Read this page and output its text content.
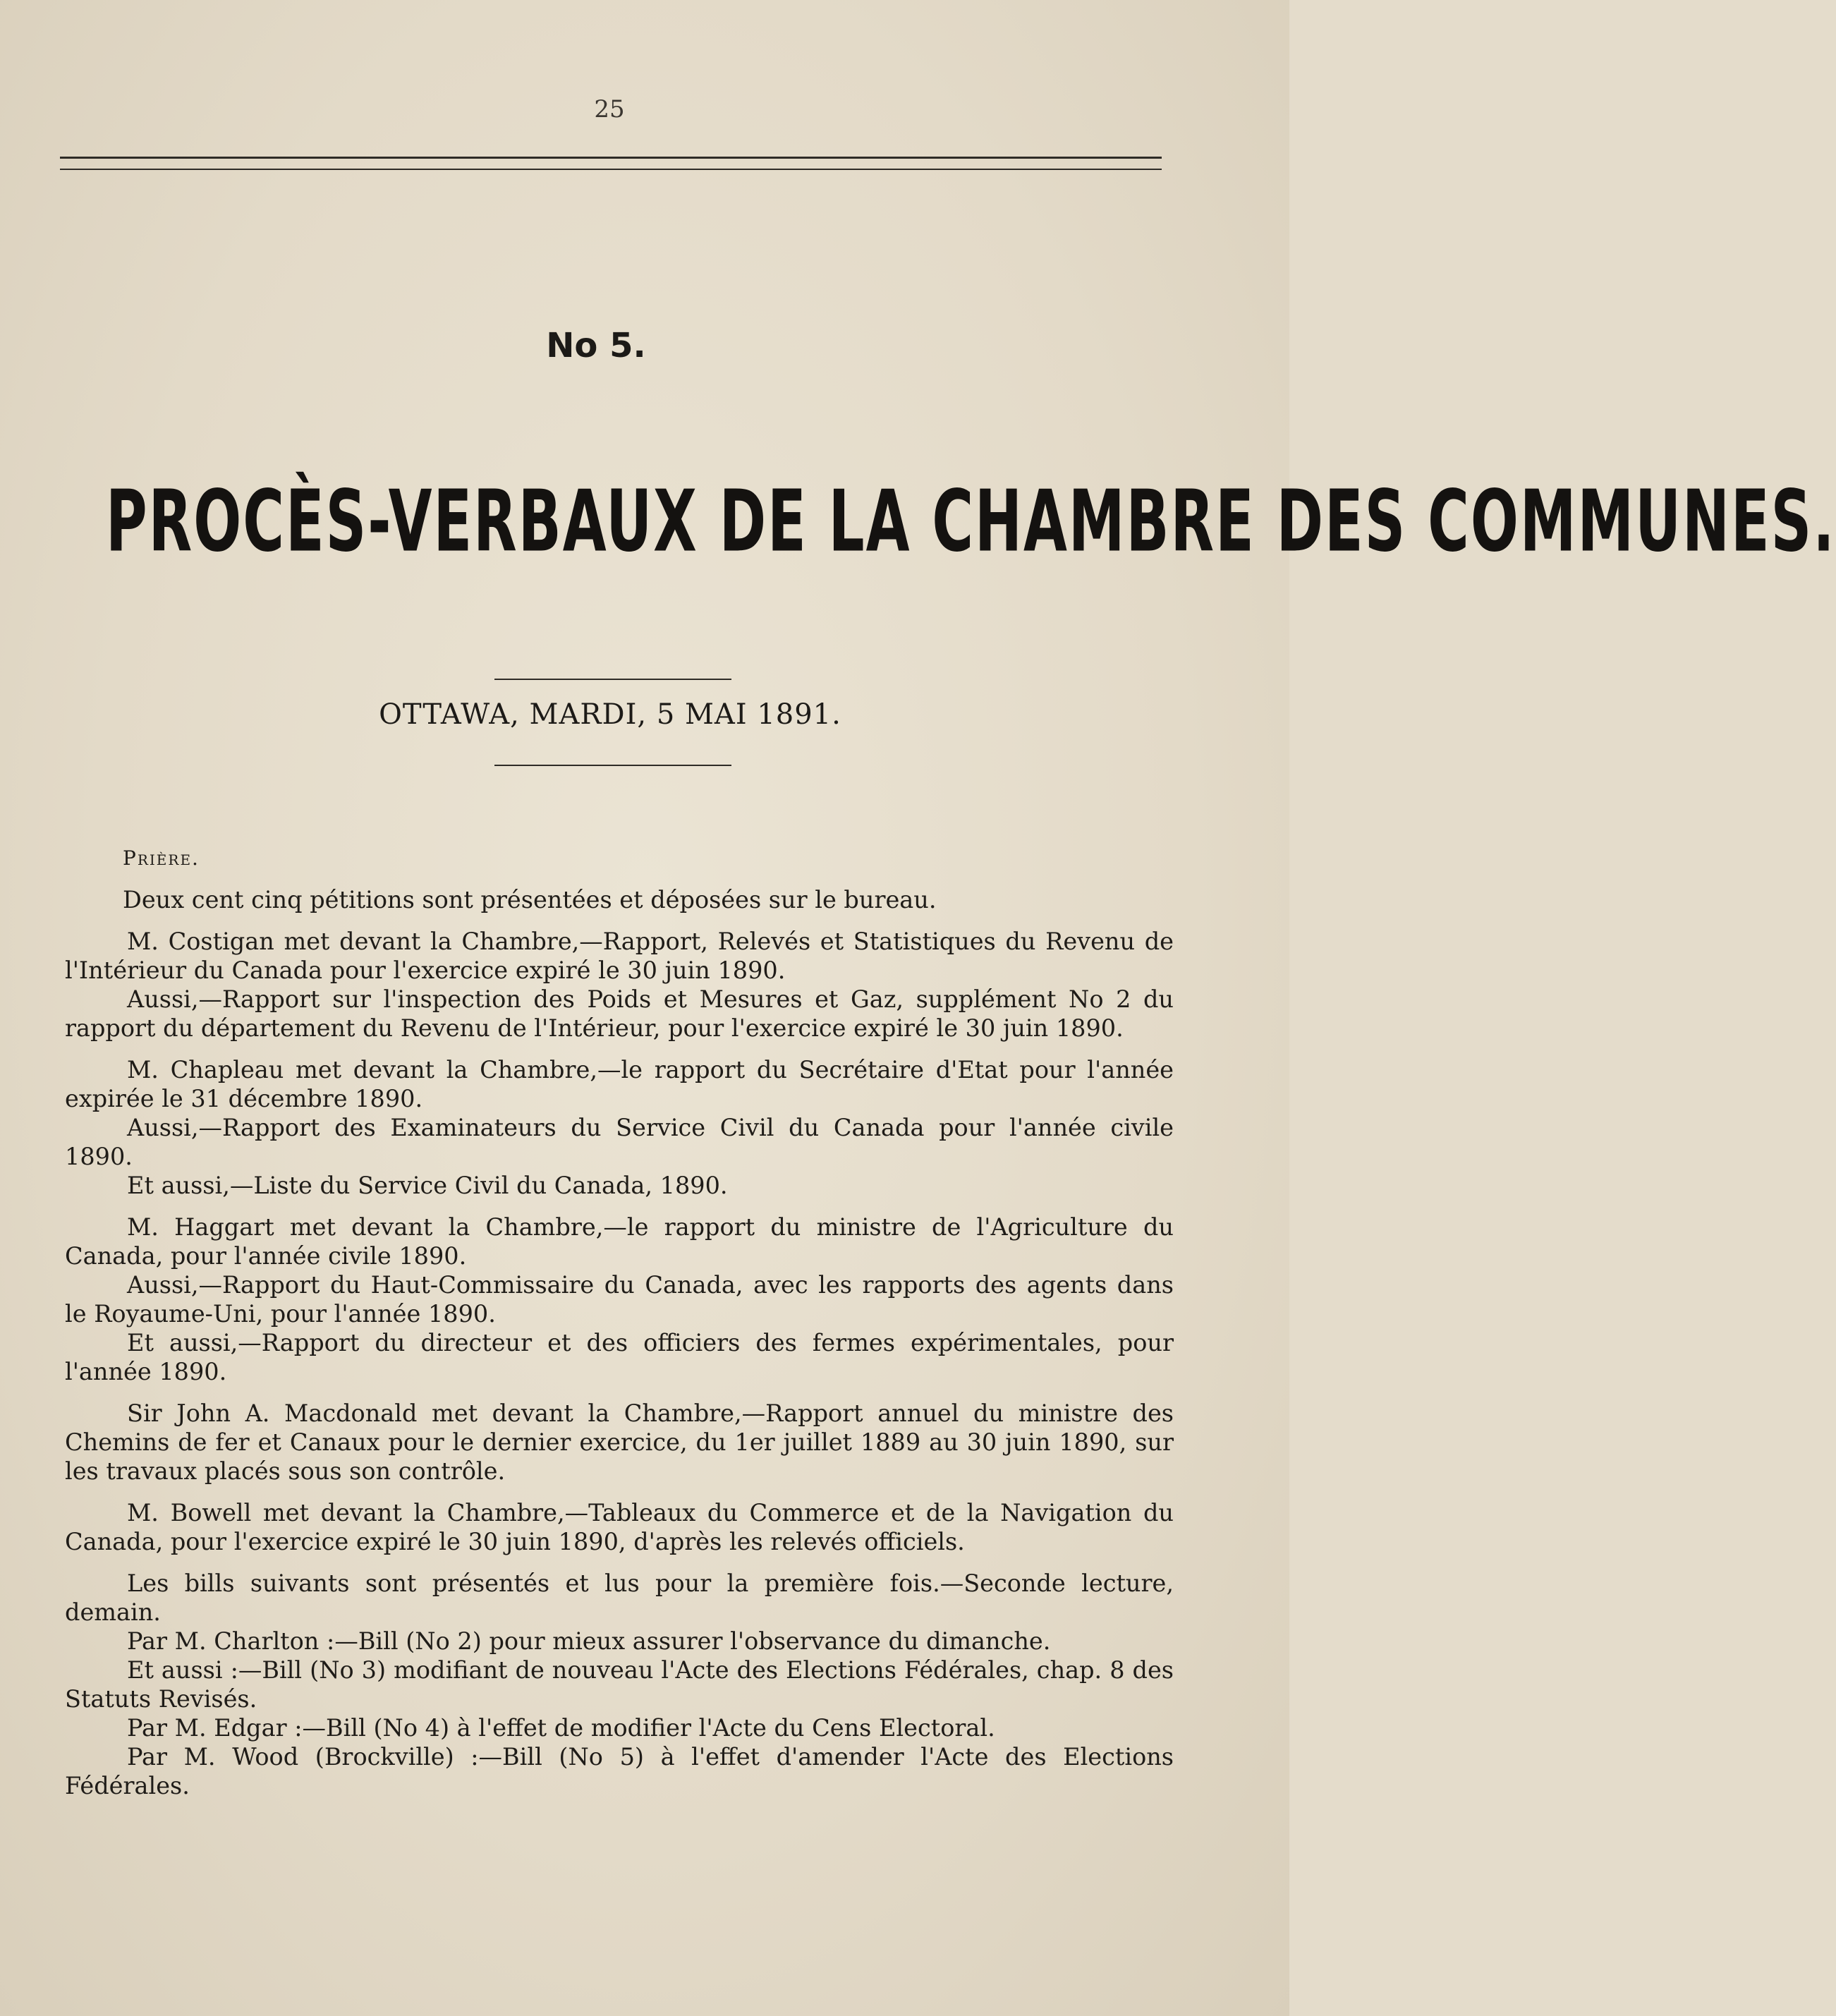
25
No 5.
PROCÈS-VERBAUX DE LA CHAMBRE DES COMMUNES.
OTTAWA, MARDI, 5 MAI 1891.

Prière.

Deux cent cinq pétitions sont présentées et déposées sur le bureau.

M. Costigan met devant la Chambre,—Rapport, Relevés et Statistiques du Revenu de l'Intérieur du Canada pour l'exercice expiré le 30 juin 1890.

Aussi,—Rapport sur l'inspection des Poids et Mesures et Gaz, supplément No 2 du rapport du département du Revenu de l'Intérieur, pour l'exercice expiré le 30 juin 1890.

M. Chapleau met devant la Chambre,—le rapport du Secrétaire d'Etat pour l'année expirée le 31 décembre 1890.

Aussi,—Rapport des Examinateurs du Service Civil du Canada pour l'année civile 1890.

Et aussi,—Liste du Service Civil du Canada, 1890.

M. Haggart met devant la Chambre,—le rapport du ministre de l'Agriculture du Canada, pour l'année civile 1890.

Aussi,—Rapport du Haut-Commissaire du Canada, avec les rapports des agents dans le Royaume-Uni, pour l'année 1890.

Et aussi,—Rapport du directeur et des officiers des fermes expérimentales, pour l'année 1890.

Sir John A. Macdonald met devant la Chambre,—Rapport annuel du ministre des Chemins de fer et Canaux pour le dernier exercice, du 1er juillet 1889 au 30 juin 1890, sur les travaux placés sous son contrôle.

M. Bowell met devant la Chambre,—Tableaux du Commerce et de la Navigation du Canada, pour l'exercice expiré le 30 juin 1890, d'après les relevés officiels.

Les bills suivants sont présentés et lus pour la première fois.—Seconde lecture, demain.

Par M. Charlton :—Bill (No 2) pour mieux assurer l'observance du dimanche.

Et aussi :—Bill (No 3) modifiant de nouveau l'Acte des Elections Fédérales, chap. 8 des Statuts Revisés.

Par M. Edgar :—Bill (No 4) à l'effet de modifier l'Acte du Cens Electoral.

Par M. Wood (Brockville) :—Bill (No 5) à l'effet d'amender l'Acte des Elections Fédérales.
